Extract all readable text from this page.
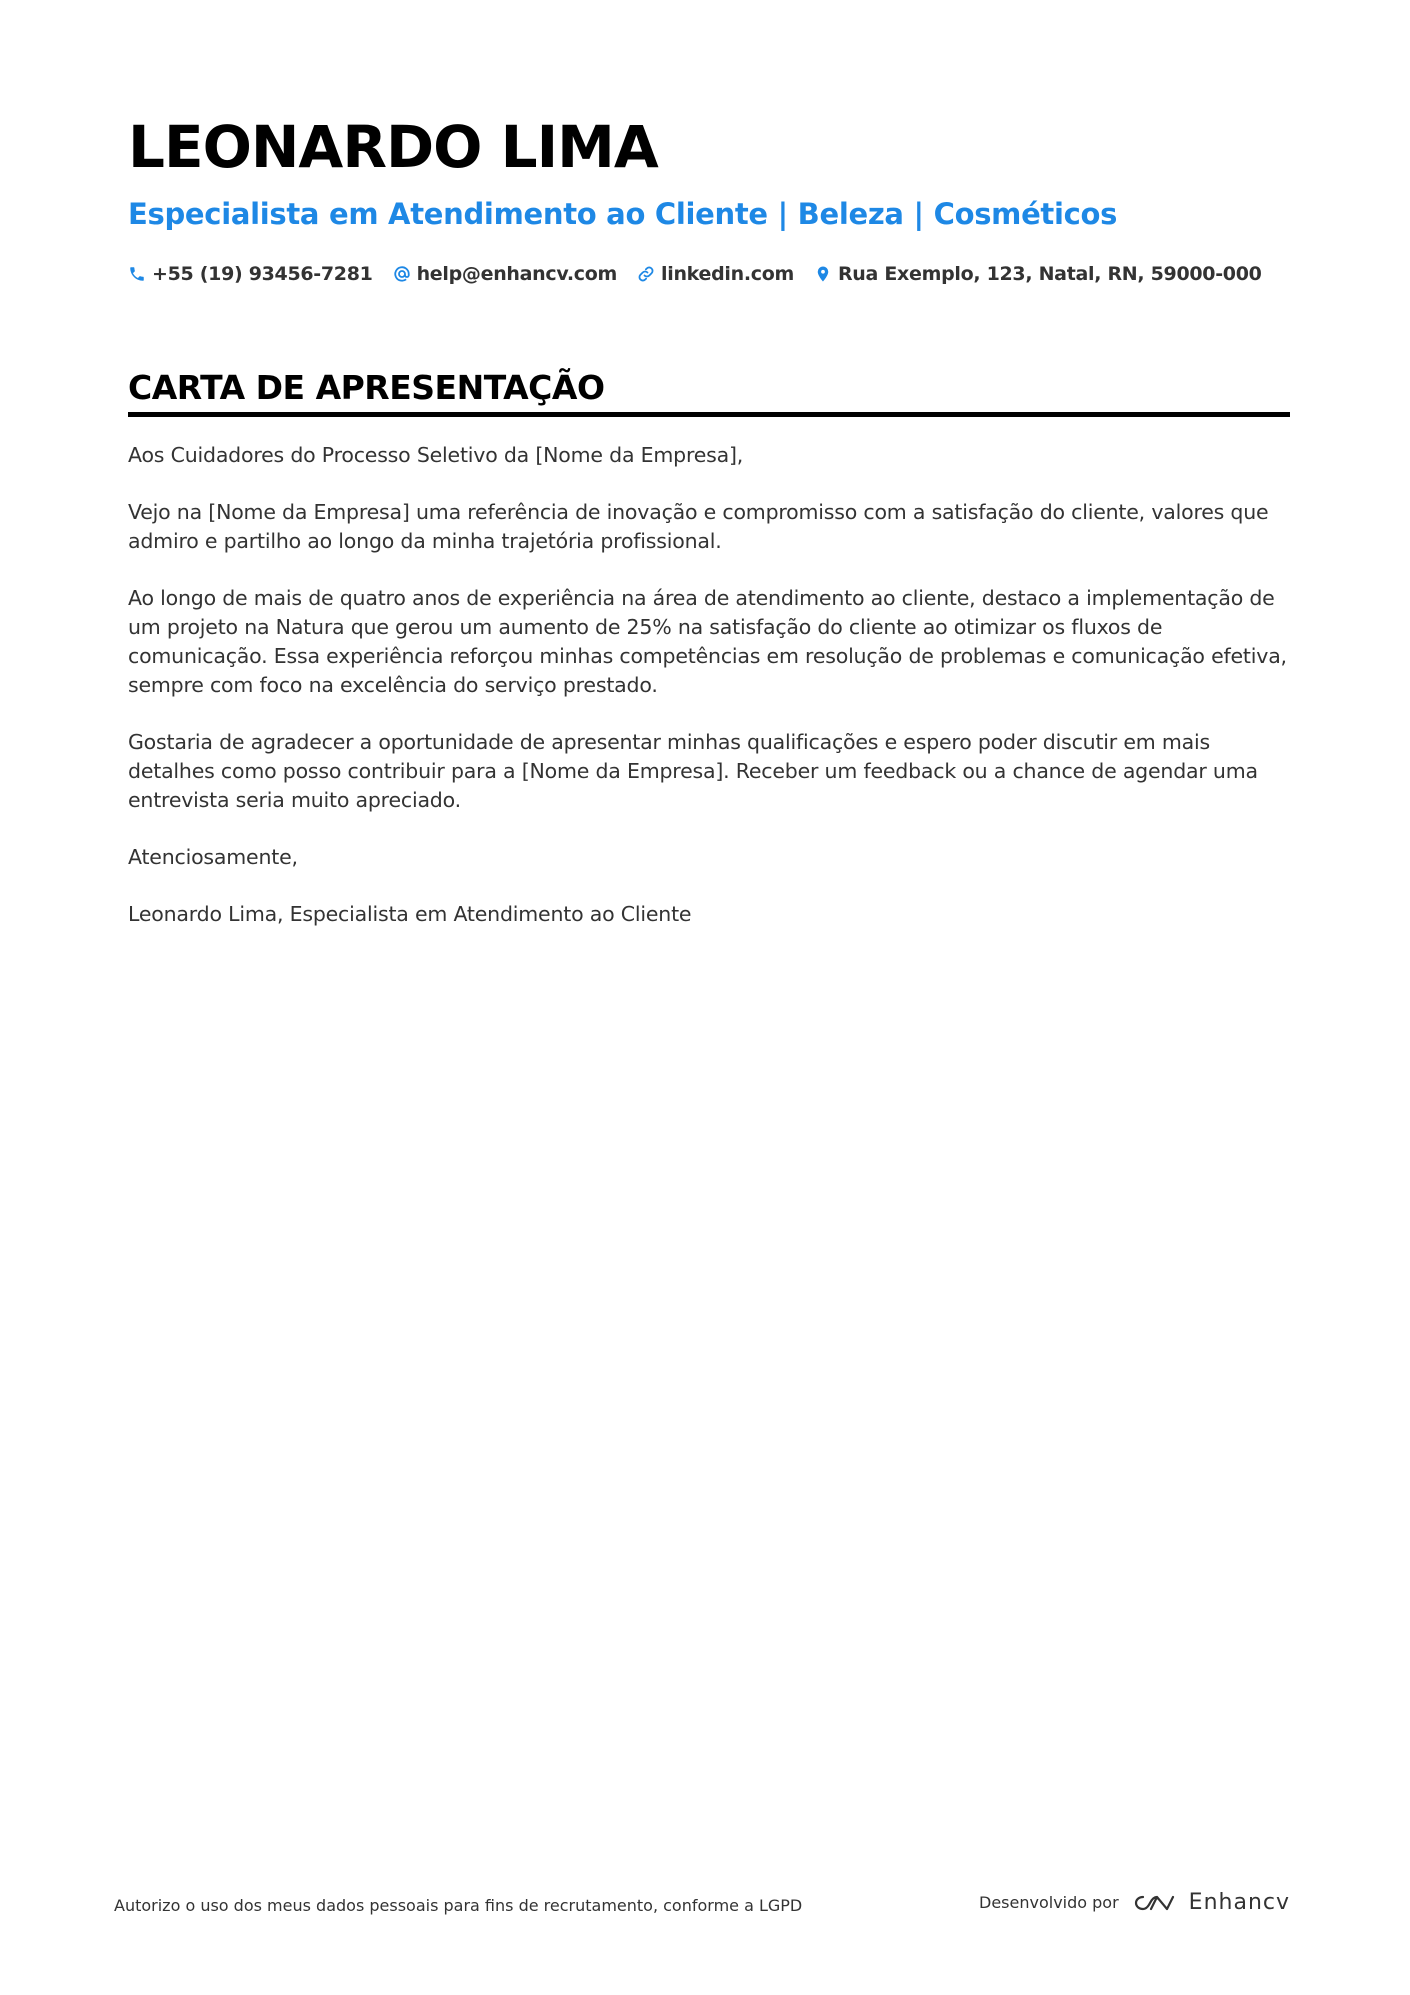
LEONARDO LIMA
Especialista em Atendimento ao Cliente | Beleza | Cosméticos
+55 (19) 93456-7281 help@enhancv.com linkedin.com Rua Exemplo, 123, Natal, RN, 59000-000
CARTA DE APRESENTAÇÃO

Aos Cuidadores do Processo Seletivo da [Nome da Empresa],

Vejo na [Nome da Empresa] uma referência de inovação e compromisso com a satisfação do cliente, valores que admiro e partilho ao longo da minha trajetória profissional.

Ao longo de mais de quatro anos de experiência na área de atendimento ao cliente, destaco a implementação de um projeto na Natura que gerou um aumento de 25% na satisfação do cliente ao otimizar os fluxos de comunicação. Essa experiência reforçou minhas competências em resolução de problemas e comunicação efetiva, sempre com foco na excelência do serviço prestado.

Gostaria de agradecer a oportunidade de apresentar minhas qualificações e espero poder discutir em mais detalhes como posso contribuir para a [Nome da Empresa]. Receber um feedback ou a chance de agendar uma entrevista seria muito apreciado.

Atenciosamente,

Leonardo Lima, Especialista em Atendimento ao Cliente

Autorizo o uso dos meus dados pessoais para fins de recrutamento, conforme a LGPD	Desenvolvido por	Enhancv
